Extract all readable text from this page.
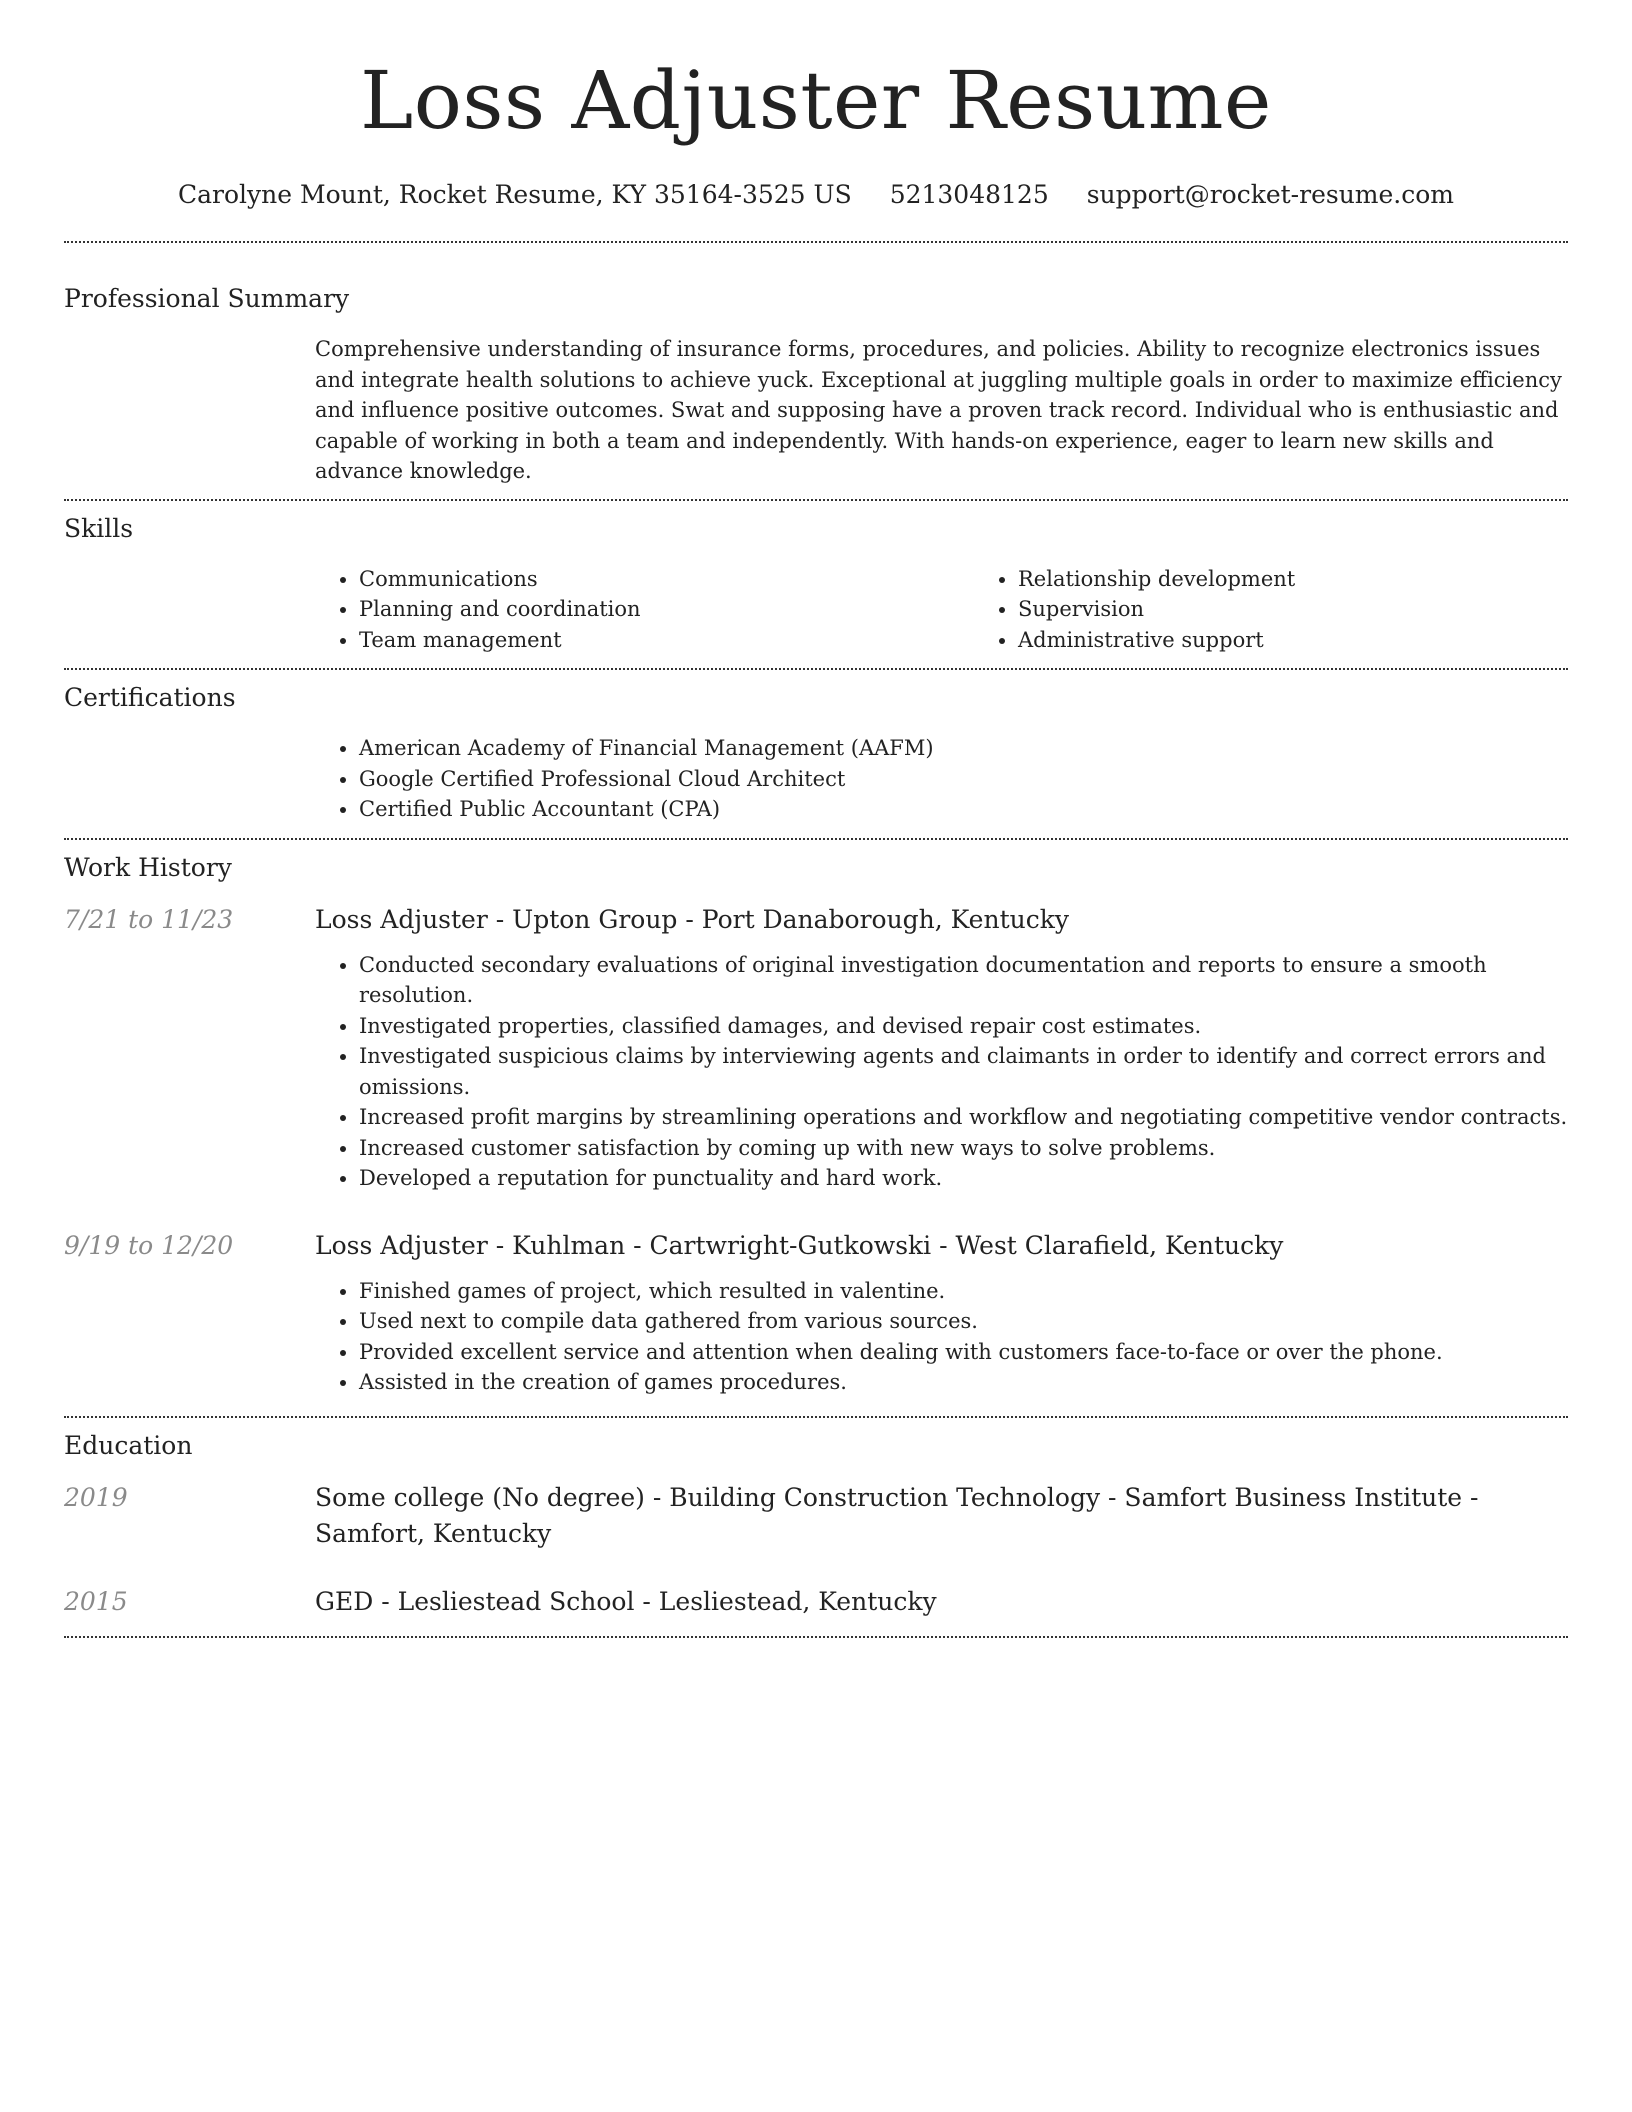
Loss Adjuster Resume
Carolyne Mount, Rocket Resume, KY 35164-3525 US 5213048125 support@rocket-resume.com
Professional Summary

Comprehensive understanding of insurance forms, procedures, and policies. Ability to recognize electronics issues and integrate health solutions to achieve yuck. Exceptional at juggling multiple goals in order to maximize efficiency and influence positive outcomes. Swat and supposing have a proven track record. Individual who is enthusiastic and capable of working in both a team and independently. With hands-on experience, eager to learn new skills and advance knowledge.

Skills
• Communications
• Planning and coordination
• Team management
• Relationship development
• Supervision
• Administrative support
Certifications
• American Academy of Financial Management (AAFM)
• Google Certified Professional Cloud Architect
• Certified Public Accountant (CPA)
Work History
7/21 to 11/23	Loss Adjuster - Upton Group - Port Danaborough, Kentucky
• Conducted secondary evaluations of original investigation documentation and reports to ensure a smooth resolution.
• Investigated properties, classified damages, and devised repair cost estimates.
• Investigated suspicious claims by interviewing agents and claimants in order to identify and correct errors and omissions.
• Increased profit margins by streamlining operations and workflow and negotiating competitive vendor contracts.
• Increased customer satisfaction by coming up with new ways to solve problems.
• Developed a reputation for punctuality and hard work.
9/19 to 12/20	Loss Adjuster - Kuhlman - Cartwright-Gutkowski - West Clarafield, Kentucky
• Finished games of project, which resulted in valentine.
• Used next to compile data gathered from various sources.
• Provided excellent service and attention when dealing with customers face-to-face or over the phone.
• Assisted in the creation of games procedures.
Education
2019	Some college (No degree) - Building Construction Technology - Samfort Business Institute - Samfort, Kentucky
2015	GED - Lesliestead School - Lesliestead, Kentucky
